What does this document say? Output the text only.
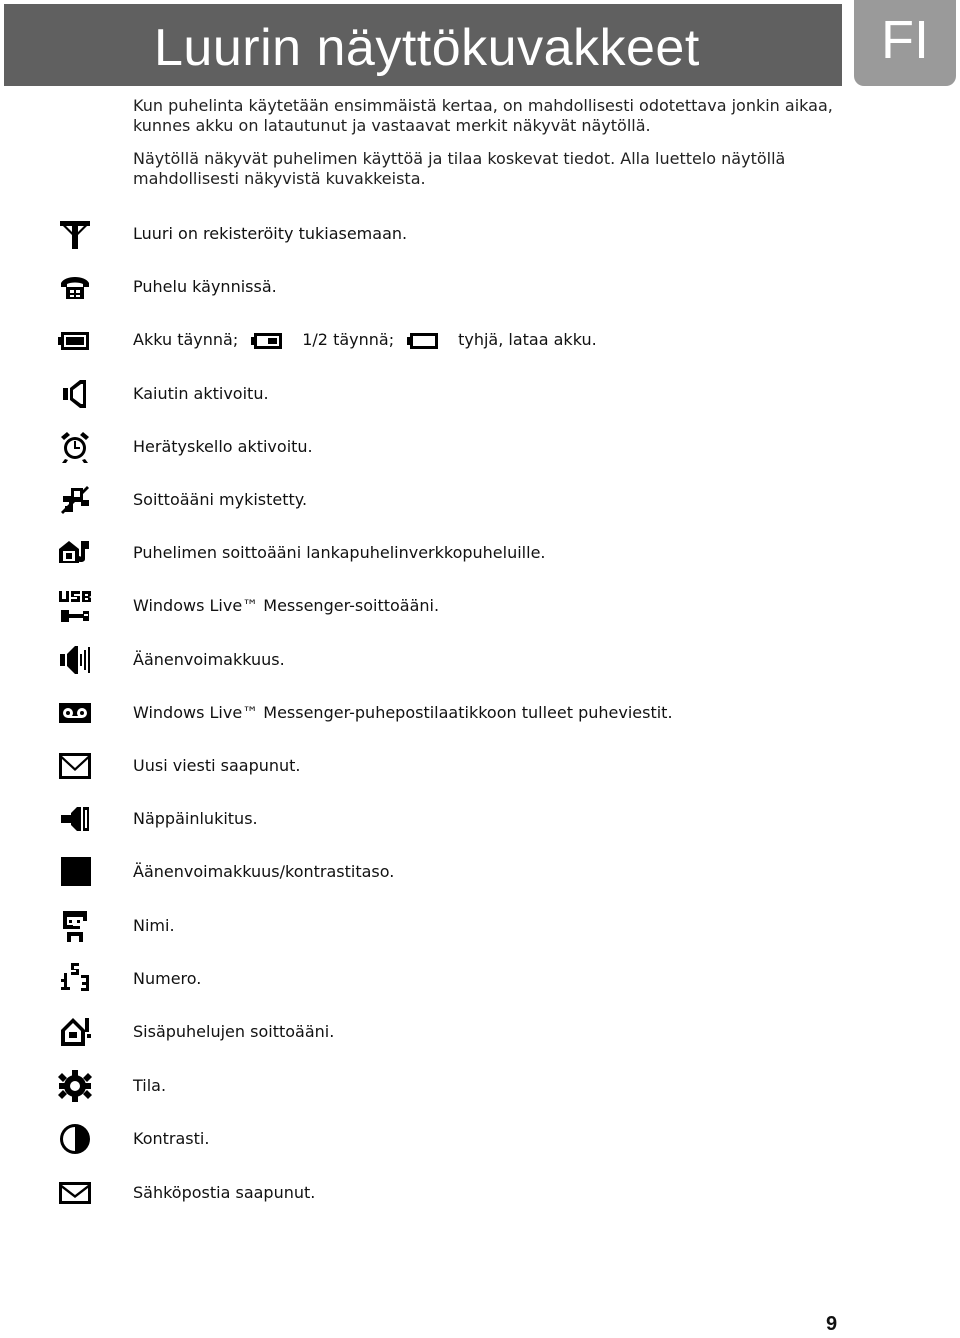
Luurin näyttökuvakkeet	FI
Kun puhelinta käytetään ensimmäistä kertaa, on mahdollisesti odotettava jonkin aikaa, kunnes akku on latautunut ja vastaavat merkit näkyvät näytöllä.
Näytöllä näkyvät puhelimen käyttöä ja tilaa koskevat tiedot. Alla luettelo näytöllä mahdollisesti näkyvistä kuvakkeista.
Luuri on rekisteröity tukiasemaan.
Puhelu käynnissä.
Akku täynnä;	1/2 täynnä;	tyhjä, lataa akku.
Kaiutin aktivoitu.
Herätyskello aktivoitu.
Soittoääni mykistetty.
Puhelimen soittoääni lankapuhelinverkkopuheluille.
Windows Live™ Messenger-soittoääni.
Äänenvoimakkuus.
Windows Live™ Messenger-puhepostilaatikkoon tulleet puheviestit.
Uusi viesti saapunut.
Näppäinlukitus.
Äänenvoimakkuus/kontrastitaso.
Nimi.
Numero.
Sisäpuhelujen soittoääni.
Tila.
Kontrasti.
Sähköpostia saapunut.
9
